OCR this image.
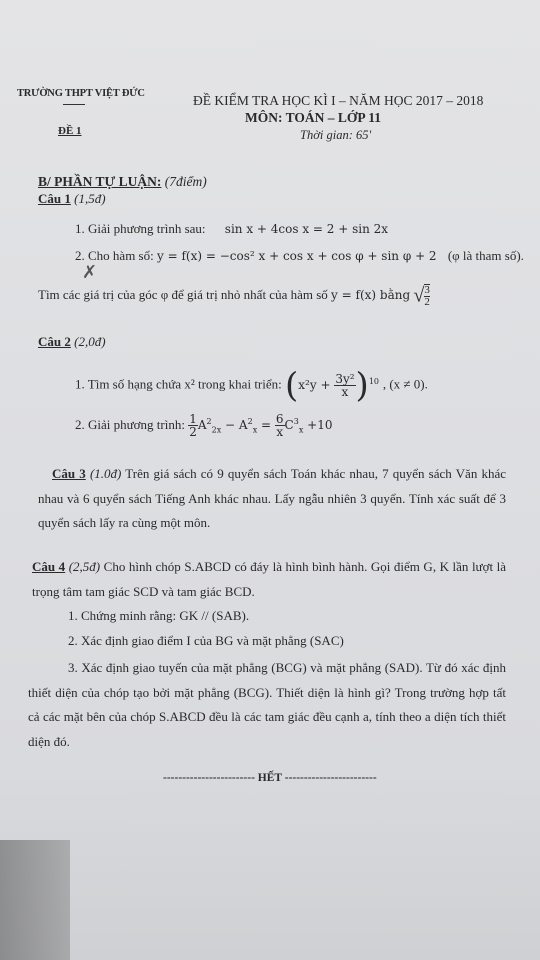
TRƯỜNG THPT VIỆT ĐỨC
ĐỀ 1
ĐỀ KIỂM TRA HỌC KÌ I – NĂM HỌC 2017 – 2018
MÔN: TOÁN – LỚP 11
Thời gian: 65'
B/ PHẦN TỰ LUẬN: (7điểm)
Câu 1 (1,5đ)
1. Giải phương trình sau: sin x + 4cos x = 2 + sin 2x
2. Cho hàm số: y = f(x) = −cos² x + cos x + cos φ + sin φ + 2 (φ là tham số).
✗
Tìm các giá trị của góc φ để giá trị nhỏ nhất của hàm số y = f(x) bằng √ $\frac{3}{2}$
Câu 2 (2,0đ)
1. Tìm số hạng chứa x² trong khai triển: $(x^2y + \frac{\text{3y²}}{x} )^{10}$ , (x ≠ 0).
2. Giải phương trình: $\frac{1}{2} A^2_{2x} - A^2_x = \frac{6}{x} C^3_x +10$
Câu 3 (1.0đ) Trên giá sách có 9 quyển sách Toán khác nhau, 7 quyển sách Văn khác nhau và 6 quyển sách Tiếng Anh khác nhau. Lấy ngẫu nhiên 3 quyển. Tính xác suất để 3 quyển sách lấy ra cùng một môn.
Câu 4 (2,5đ) Cho hình chóp S.ABCD có đáy là hình bình hành. Gọi điểm G, K lần lượt là trọng tâm tam giác SCD và tam giác BCD.
1. Chứng minh rằng: GK // (SAB).
2. Xác định giao điểm I của BG và mặt phẳng (SAC)
3. Xác định giao tuyến của mặt phẳng (BCG) và mặt phẳng (SAD). Từ đó xác định thiết diện của chóp tạo bởi mặt phẳng (BCG). Thiết diện là hình gì? Trong trường hợp tất cả các mặt bên của chóp S.ABCD đều là các tam giác đều cạnh a, tính theo a diện tích thiết diện đó.
------------------------ HẾT ------------------------
